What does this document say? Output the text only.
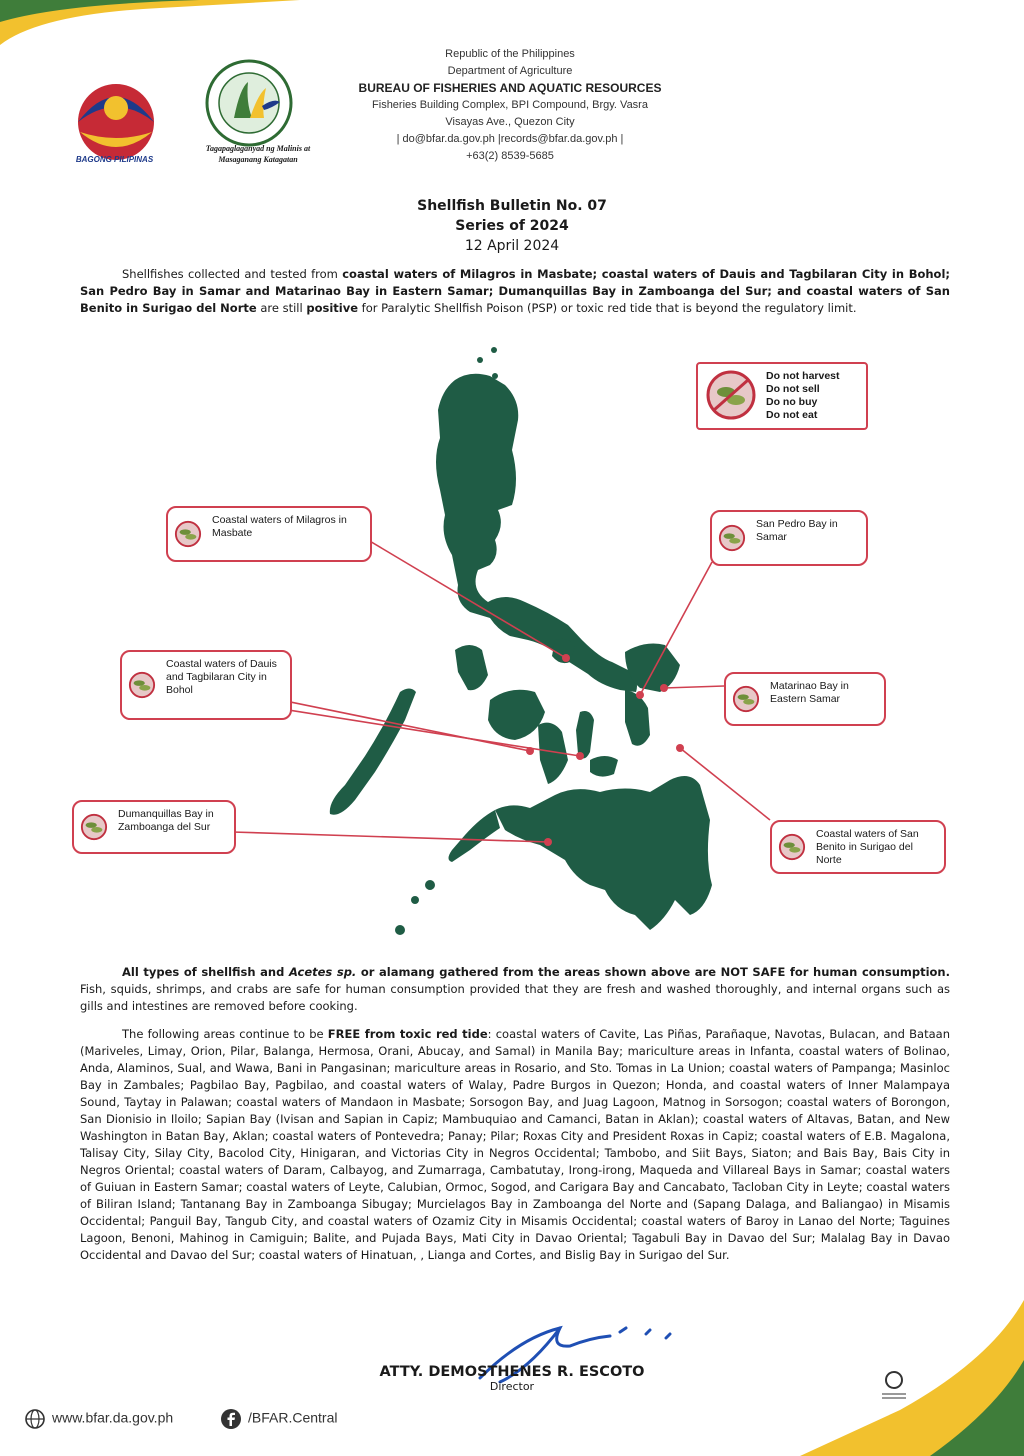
BAGONG PILIPINAS
Tagapaglaganyad ng Malinis at
Masaganang Katagatan
Republic of the Philippines
Department of Agriculture
BUREAU OF FISHERIES AND AQUATIC RESOURCES
Fisheries Building Complex, BPI Compound, Brgy. Vasra
Visayas Ave., Quezon City
| do@bfar.da.gov.ph |records@bfar.da.gov.ph |
+63(2) 8539-5685
Shellfish Bulletin No. 07
Series of 2024
12 April 2024
Shellfishes collected and tested from coastal waters of Milagros in Masbate; coastal waters of Dauis and Tagbilaran City in Bohol; San Pedro Bay in Samar and Matarinao Bay in Eastern Samar; Dumanquillas Bay in Zamboanga del Sur; and coastal waters of San Benito in Surigao del Norte are still positive for Paralytic Shellfish Poison (PSP) or toxic red tide that is beyond the regulatory limit.
Do not harvest
Do not sell
Do no buy
Do not eat
Coastal waters of Milagros in Masbate
San Pedro Bay in Samar
Coastal waters of Dauis and Tagbilaran City in Bohol	Matarinao Bay in Eastern Samar
Dumanquillas Bay in Zamboanga del Sur
Coastal waters of San Benito in Surigao del Norte
All types of shellfish and Acetes sp. or alamang gathered from the areas shown above are NOT SAFE for human consumption. Fish, squids, shrimps, and crabs are safe for human consumption provided that they are fresh and washed thoroughly, and internal organs such as gills and intestines are removed before cooking.
The following areas continue to be FREE from toxic red tide: coastal waters of Cavite, Las Piñas, Parañaque, Navotas, Bulacan, and Bataan (Mariveles, Limay, Orion, Pilar, Balanga, Hermosa, Orani, Abucay, and Samal) in Manila Bay; mariculture areas in Infanta, coastal waters of Bolinao, Anda, Alaminos, Sual, and Wawa, Bani in Pangasinan; mariculture areas in Rosario, and Sto. Tomas in La Union; coastal waters of Pampanga; Masinloc Bay in Zambales; Pagbilao Bay, Pagbilao, and coastal waters of Walay, Padre Burgos in Quezon; Honda, and coastal waters of Inner Malampaya Sound, Taytay in Palawan; coastal waters of Mandaon in Masbate; Sorsogon Bay, and Juag Lagoon, Matnog in Sorsogon; coastal waters of Borongon, San Dionisio in Iloilo; Sapian Bay (Ivisan and Sapian in Capiz; Mambuquiao and Camanci, Batan in Aklan); coastal waters of Altavas, Batan, and New Washington in Batan Bay, Aklan; coastal waters of Pontevedra; Panay; Pilar; Roxas City and President Roxas in Capiz; coastal waters of E.B. Magalona, Talisay City, Silay City, Bacolod City, Hinigaran, and Victorias City in Negros Occidental; Tambobo, and Siit Bays, Siaton; and Bais Bay, Bais City in Negros Oriental; coastal waters of Daram, Calbayog, and Zumarraga, Cambatutay, Irong-irong, Maqueda and Villareal Bays in Samar; coastal waters of Guiuan in Eastern Samar; coastal waters of Leyte, Calubian, Ormoc, Sogod, and Carigara Bay and Cancabato, Tacloban City in Leyte; coastal waters of Biliran Island; Tantanang Bay in Zamboanga Sibugay; Murcielagos Bay in Zamboanga del Norte and (Sapang Dalaga, and Baliangao) in Misamis Occidental; Panguil Bay, Tangub City, and coastal waters of Ozamiz City in Misamis Occidental; coastal waters of Baroy in Lanao del Norte; Taguines Lagoon, Benoni, Mahinog in Camiguin; Balite, and Pujada Bays, Mati City in Davao Oriental; Tagabuli Bay in Davao del Sur; Malalag Bay in Davao Occidental and Davao del Sur; coastal waters of Hinatuan, , Lianga and Cortes, and Bislig Bay in Surigao del Sur.
ATTY. DEMOSTHENES R. ESCOTO
Director
www.bfar.da.gov.ph	/BFAR.Central
